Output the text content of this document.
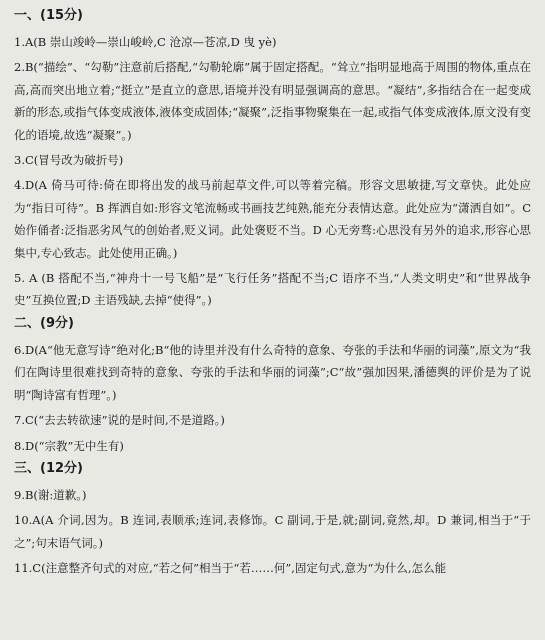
一、(15分)

1.A(B 崇山竣岭—崇山峻岭,C 沧凉—苍凉,D 曳 yè)

2.B(“描绘”、“勾勒”注意前后搭配,“勾勒轮廓”属于固定搭配。“耸立”指明显地高于周围的物体,重点在高,高而突出地立着;“挺立”是直立的意思,语境并没有明显强调高的意思。“凝结”,多指结合在一起变成新的形态,或指气体变成液体,液体变成固体;“凝聚”,泛指事物聚集在一起,或指气体变成液体,原文没有变化的语境,故选“凝聚”。)

3.C(冒号改为破折号)

4.D(A 倚马可待:倚在即将出发的战马前起草文件,可以等着完稿。形容文思敏捷,写文章快。此处应为“指日可待”。B 挥洒自如:形容文笔流畅或书画技艺纯熟,能充分表情达意。此处应为“潇洒自如”。C 始作俑者:泛指恶劣风气的创始者,贬义词。此处褒贬不当。D 心无旁骛:心思没有另外的追求,形容心思集中,专心致志。此处使用正确。)

5. A (B 搭配不当,“神舟十一号飞船”是“飞行任务”搭配不当;C 语序不当,“人类文明史”和“世界战争史”互换位置;D 主语残缺,去掉“使得”。)

二、(9分)

6.D(A“他无意写诗”绝对化;B“他的诗里并没有什么奇特的意象、夸张的手法和华丽的词藻”,原文为“我们在陶诗里很难找到奇特的意象、夸张的手法和华丽的词藻”;C“故”强加因果,潘德舆的评价是为了说明“陶诗富有哲理”。)

7.C(“去去转欲速”说的是时间,不是道路。)

8.D(“宗教”无中生有)

三、(12分)

9.B(谢:道歉。)

10.A(A 介词,因为。B 连词,表顺承;连词,表修饰。C 副词,于是,就;副词,竟然,却。D 兼词,相当于“于之”;句末语气词。)

11.C(注意整齐句式的对应,“若之何”相当于“若……何”,固定句式,意为“为什么,怎么能
